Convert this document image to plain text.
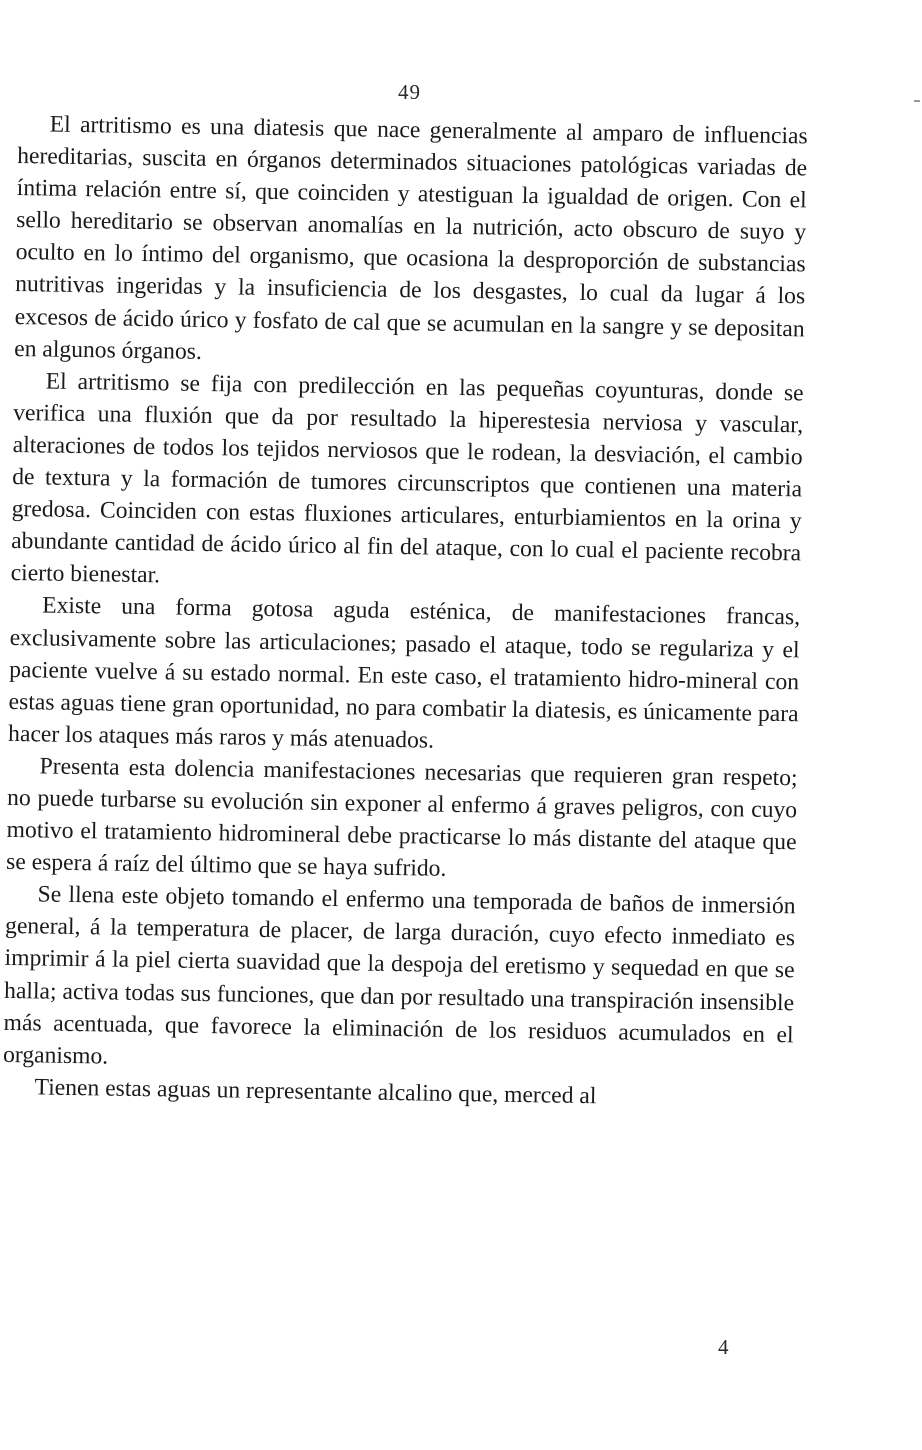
49

El artritismo es una diatesis que nace generalmente al amparo de influencias hereditarias, suscita en órganos determinados situaciones patológicas variadas de íntima relación entre sí, que coinciden y atestiguan la igualdad de origen. Con el sello hereditario se observan anomalías en la nutrición, acto obscuro de suyo y oculto en lo íntimo del organismo, que ocasiona la desproporción de substancias nutritivas ingeridas y la insuficiencia de los desgastes, lo cual da lugar á los excesos de ácido úrico y fosfato de cal que se acumulan en la sangre y se depositan en algunos órganos.

El artritismo se fija con predilección en las pequeñas coyunturas, donde se verifica una fluxión que da por resultado la hiperestesia nerviosa y vascular, alteraciones de todos los tejidos nerviosos que le rodean, la desviación, el cambio de textura y la formación de tumores circunscriptos que contienen una materia gredosa. Coinciden con estas fluxiones articulares, enturbiamientos en la orina y abundante cantidad de ácido úrico al fin del ataque, con lo cual el paciente recobra cierto bienestar.

Existe una forma gotosa aguda esténica, de manifestaciones francas, exclusivamente sobre las articulaciones; pasado el ataque, todo se regulariza y el paciente vuelve á su estado normal. En este caso, el tratamiento hidro-mineral con estas aguas tiene gran oportunidad, no para combatir la diatesis, es únicamente para hacer los ataques más raros y más atenuados.

Presenta esta dolencia manifestaciones necesarias que requieren gran respeto; no puede turbarse su evolución sin exponer al enfermo á graves peligros, con cuyo motivo el tratamiento hidromineral debe practicarse lo más distante del ataque que se espera á raíz del último que se haya sufrido.

Se llena este objeto tomando el enfermo una temporada de baños de inmersión general, á la temperatura de placer, de larga duración, cuyo efecto inmediato es imprimir á la piel cierta suavidad que la despoja del eretismo y sequedad en que se halla; activa todas sus funciones, que dan por resultado una transpiración insensible más acentuada, que favorece la eliminación de los residuos acumulados en el organismo.

Tienen estas aguas un representante alcalino que, merced al

4
